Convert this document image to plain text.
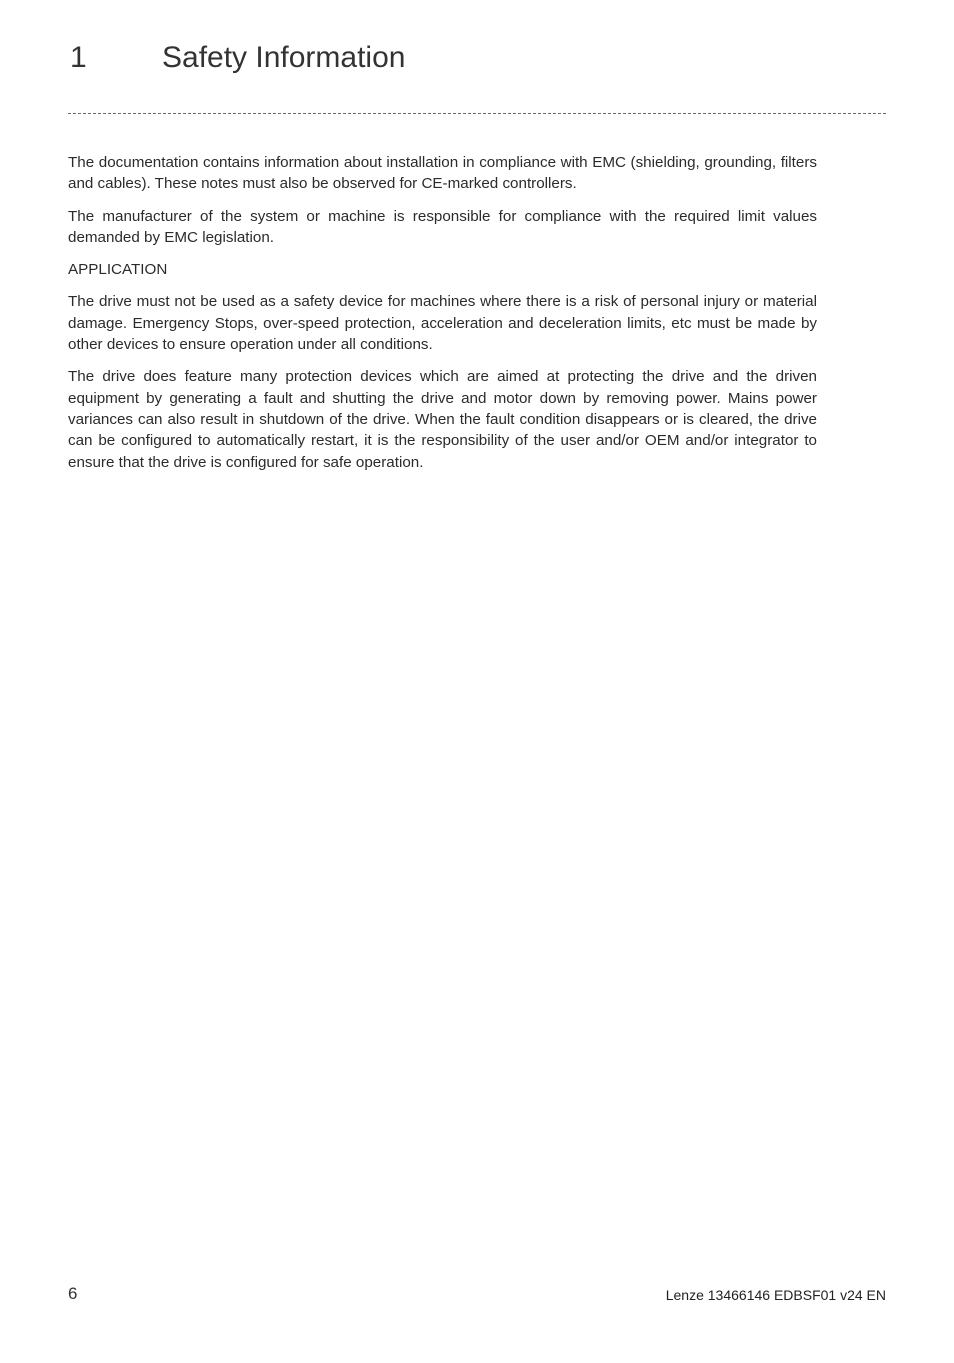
1	Safety Information

The documentation contains information about installation in compliance with EMC (shielding, grounding, filters and cables). These notes must also be observed for CE-marked controllers.

The manufacturer of the system or machine is responsible for compliance with the required limit values demanded by EMC legislation.

APPLICATION

The drive must not be used as a safety device for machines where there is a risk of personal injury or material damage. Emergency Stops, over-speed protection, acceleration and deceleration limits, etc must be made by other devices to ensure operation under all conditions.

The drive does feature many protection devices which are aimed at protecting the drive and the driven equipment by generating a fault and shutting the drive and motor down by removing power. Mains power variances can also result in shutdown of the drive. When the fault condition disappears or is cleared, the drive can be configured to automatically restart, it is the responsibility of the user and/or OEM and/or integrator to ensure that the drive is configured for safe operation.

6	Lenze 13466146 EDBSF01 v24 EN
